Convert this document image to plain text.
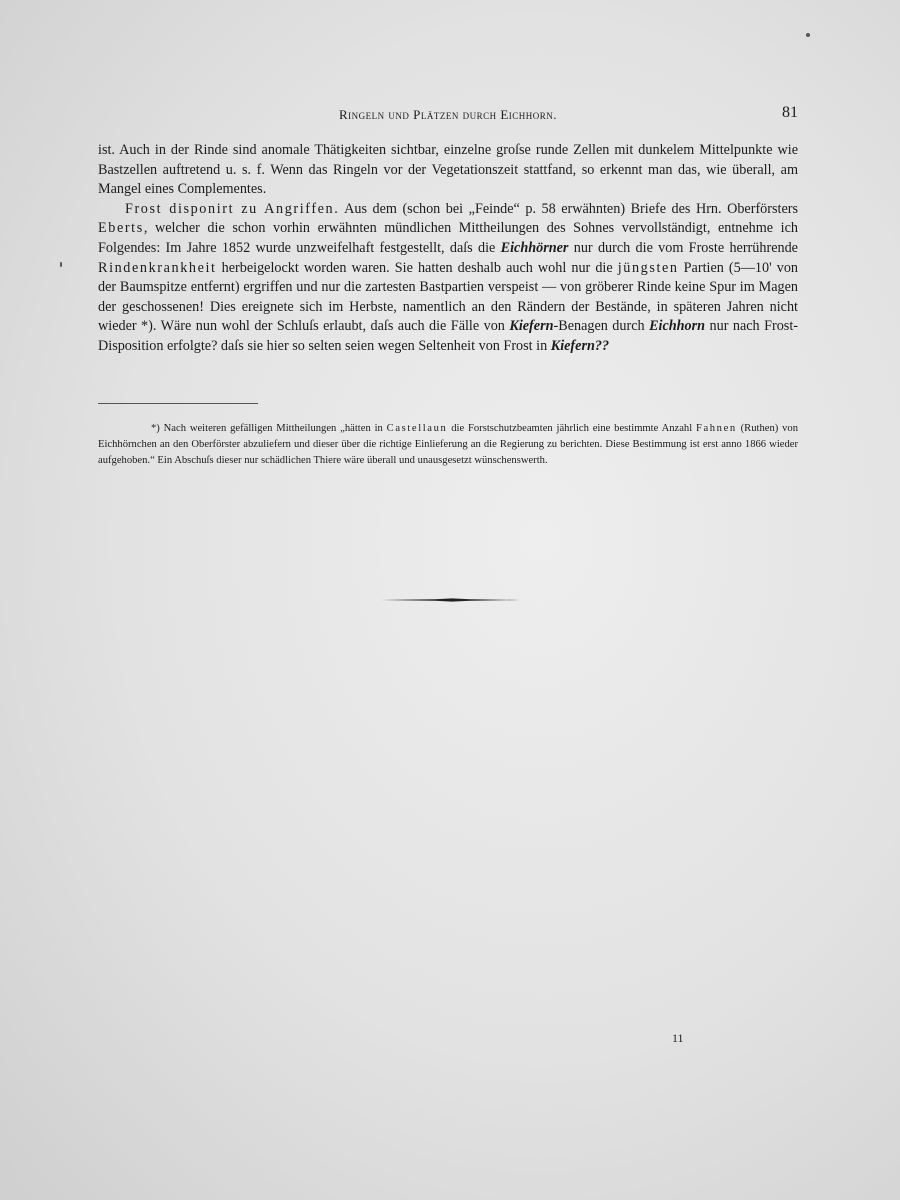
Ringeln und Plätzen durch Eichhorn.	81

ist. Auch in der Rinde sind anomale Thätigkeiten sichtbar, einzelne groſse runde Zellen mit dunkelem Mittelpunkte wie Bastzellen auftretend u. s. f. Wenn das Ringeln vor der Vegetationszeit stattfand, so erkennt man das, wie überall, am Mangel eines Complementes.

Frost disponirt zu Angriffen. Aus dem (schon bei „Feinde“ p. 58 erwähnten) Briefe des Hrn. Oberförsters Eberts, welcher die schon vorhin erwähnten mündlichen Mittheilungen des Sohnes vervollständigt, entnehme ich Folgendes: Im Jahre 1852 wurde unzweifelhaft festgestellt, daſs die Eichhörner nur durch die vom Froste herrührende Rindenkrankheit herbeigelockt worden waren. Sie hatten deshalb auch wohl nur die jüngsten Partien (5—10' von der Baumspitze entfernt) ergriffen und nur die zartesten Bastpartien verspeist — von gröberer Rinde keine Spur im Magen der geschossenen! Dies ereignete sich im Herbste, namentlich an den Rändern der Bestände, in späteren Jahren nicht wieder *). Wäre nun wohl der Schluſs erlaubt, daſs auch die Fälle von Kiefern-Benagen durch Eichhorn nur nach Frost-Disposition erfolgte? daſs sie hier so selten seien wegen Seltenheit von Frost in Kiefern??

*) Nach weiteren gefälligen Mittheilungen „hätten in Castellaun die Forstschutzbeamten jährlich eine bestimmte Anzahl Fahnen (Ruthen) von Eichhörnchen an den Oberförster abzuliefern und dieser über die richtige Einlieferung an die Regierung zu berichten. Diese Bestimmung ist erst anno 1866 wieder aufgehoben.“ Ein Abschuſs dieser nur schädlichen Thiere wäre überall und unausgesetzt wünschenswerth.

11
